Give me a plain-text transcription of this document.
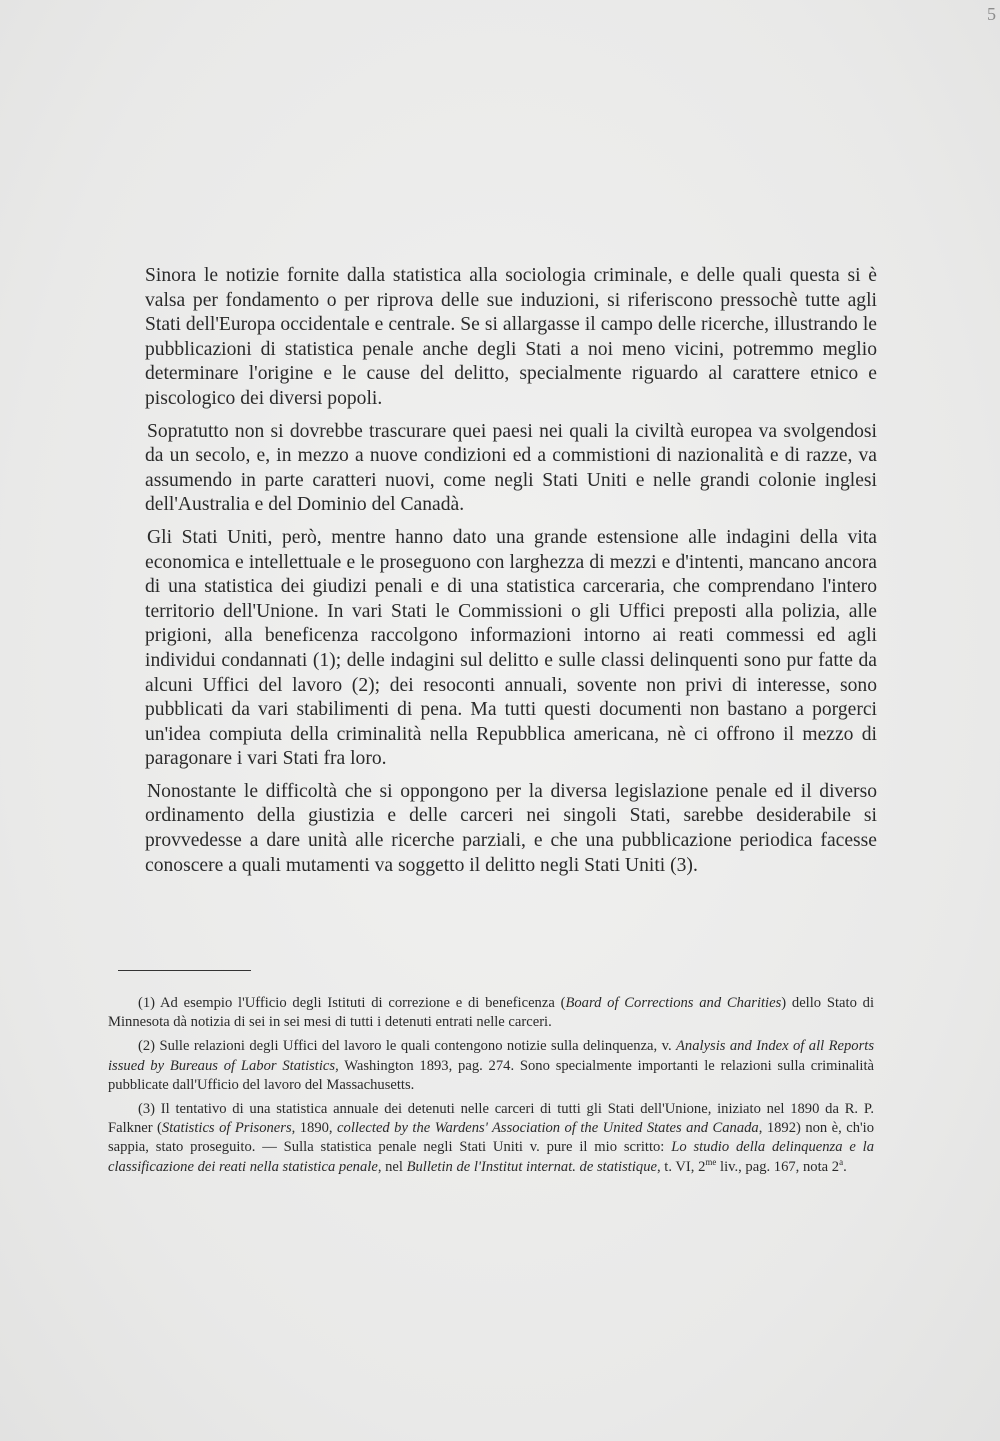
5

Sinora le notizie fornite dalla statistica alla sociologia criminale, e delle quali questa si è valsa per fondamento o per riprova delle sue induzioni, si riferiscono pressochè tutte agli Stati dell'Europa occidentale e centrale. Se si allargasse il campo delle ricerche, illustrando le pubblicazioni di statistica penale anche degli Stati a noi meno vicini, potremmo meglio determinare l'origine e le cause del delitto, specialmente riguardo al carattere etnico e piscologico dei diversi popoli.

Sopratutto non si dovrebbe trascurare quei paesi nei quali la civiltà europea va svolgendosi da un secolo, e, in mezzo a nuove condizioni ed a commistioni di nazionalità e di razze, va assumendo in parte caratteri nuovi, come negli Stati Uniti e nelle grandi colonie inglesi dell'Australia e del Dominio del Canadà.

Gli Stati Uniti, però, mentre hanno dato una grande estensione alle indagini della vita economica e intellettuale e le proseguono con larghezza di mezzi e d'intenti, mancano ancora di una statistica dei giudizi penali e di una statistica carceraria, che comprendano l'intero territorio dell'Unione. In vari Stati le Commissioni o gli Uffici preposti alla polizia, alle prigioni, alla beneficenza raccolgono informazioni intorno ai reati commessi ed agli individui condannati (1); delle indagini sul delitto e sulle classi delinquenti sono pur fatte da alcuni Uffici del lavoro (2); dei resoconti annuali, sovente non privi di interesse, sono pubblicati da vari stabilimenti di pena. Ma tutti questi documenti non bastano a porgerci un'idea compiuta della criminalità nella Repubblica americana, nè ci offrono il mezzo di paragonare i vari Stati fra loro.

Nonostante le difficoltà che si oppongono per la diversa legislazione penale ed il diverso ordinamento della giustizia e delle carceri nei singoli Stati, sarebbe desiderabile si provvedesse a dare unità alle ricerche parziali, e che una pubblicazione periodica facesse conoscere a quali mutamenti va soggetto il delitto negli Stati Uniti (3).

(1) Ad esempio l'Ufficio degli Istituti di correzione e di beneficenza (Board of Corrections and Charities) dello Stato di Minnesota dà notizia di sei in sei mesi di tutti i detenuti entrati nelle carceri.

(2) Sulle relazioni degli Uffici del lavoro le quali contengono notizie sulla delinquenza, v. Analysis and Index of all Reports issued by Bureaus of Labor Statistics, Washington 1893, pag. 274. Sono specialmente importanti le relazioni sulla criminalità pubblicate dall'Ufficio del lavoro del Massachusetts.

(3) Il tentativo di una statistica annuale dei detenuti nelle carceri di tutti gli Stati dell'Unione, iniziato nel 1890 da R. P. Falkner (Statistics of Prisoners, 1890, collected by the Wardens' Association of the United States and Canada, 1892) non è, ch'io sappia, stato proseguito. — Sulla statistica penale negli Stati Uniti v. pure il mio scritto: Lo studio della delinquenza e la classificazione dei reati nella statistica penale, nel Bulletin de l'Institut internat. de statistique, t. VI, $2^{me}$ liv., pag. 167, nota 2$^a$.
